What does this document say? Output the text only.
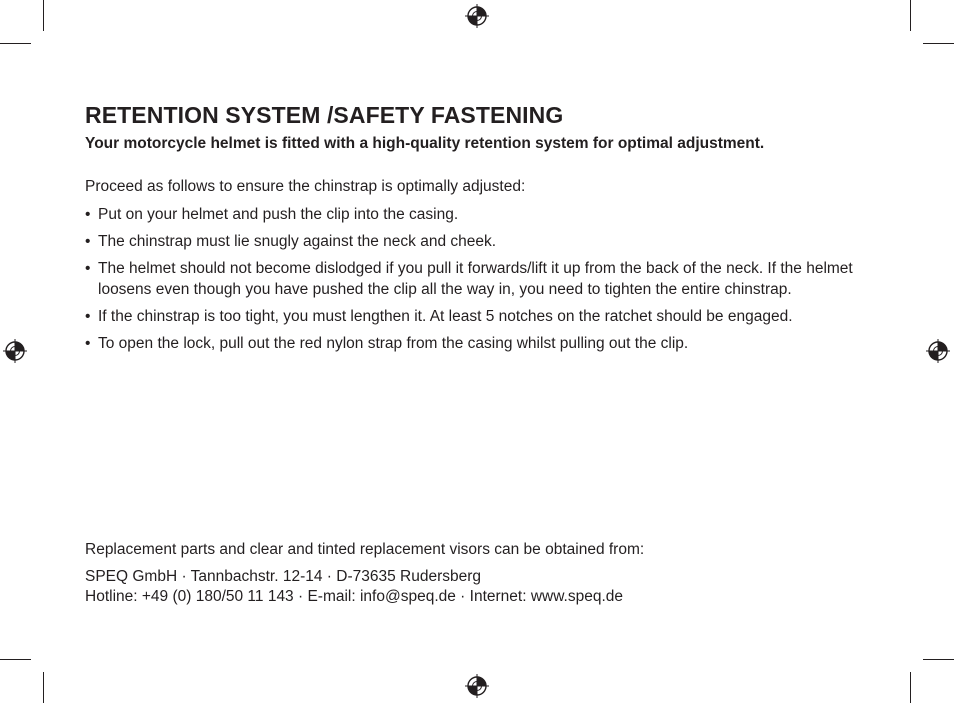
RETENTION SYSTEM /SAFETY FASTENING

Your motorcycle helmet is fitted with a high-quality retention system for optimal adjustment.

Proceed as follows to ensure the chinstrap is optimally adjusted:

• Put on your helmet and push the clip into the casing.
• The chinstrap must lie snugly against the neck and cheek.
• The helmet should not become dislodged if you pull it forwards/lift it up from the back of the neck. If the helmet loosens even though you have pushed the clip all the way in, you need to tighten the entire chinstrap.
• If the chinstrap is too tight, you must lengthen it. At least 5 notches on the ratchet should be engaged.
• To open the lock, pull out the red nylon strap from the casing whilst pulling out the clip.

Replacement parts and clear and tinted replacement visors can be obtained from:

SPEQ GmbH · Tannbachstr. 12-14 · D-73635 Rudersberg

Hotline: +49 (0) 180/50 11 143 · E-mail: info@speq.de · Internet: www.speq.de
